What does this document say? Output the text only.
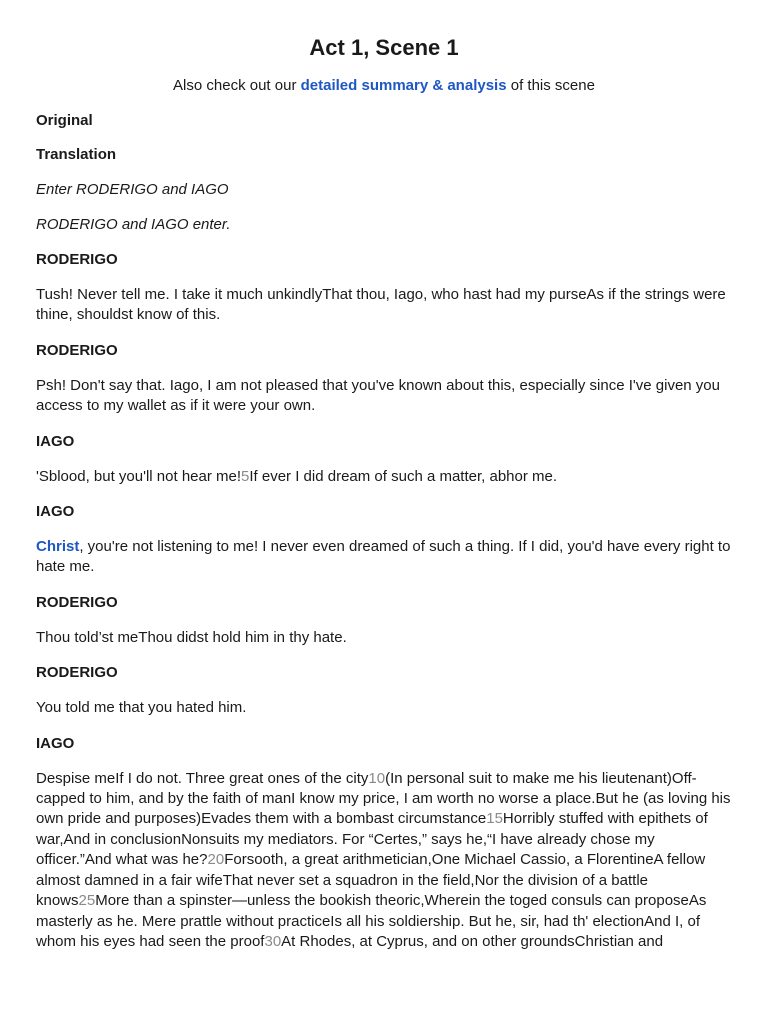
Act 1, Scene 1
Also check out our detailed summary & analysis of this scene
Original
Translation
Enter RODERIGO and IAGO
RODERIGO and IAGO enter.
RODERIGO
Tush! Never tell me. I take it much unkindlyThat thou, Iago, who hast had my purseAs if the strings were thine, shouldst know of this.
RODERIGO
Psh! Don't say that. Iago, I am not pleased that you've known about this, especially since I've given you access to my wallet as if it were your own.
IAGO
'Sblood, but you'll not hear me!5If ever I did dream of such a matter, abhor me.
IAGO
Christ, you're not listening to me! I never even dreamed of such a thing. If I did, you'd have every right to hate me.
RODERIGO
Thou told’st meThou didst hold him in thy hate.
RODERIGO
You told me that you hated him.
IAGO
Despise meIf I do not. Three great ones of the city10(In personal suit to make me his lieutenant)Off-capped to him, and by the faith of manI know my price, I am worth no worse a place.But he (as loving his own pride and purposes)Evades them with a bombast circumstance15Horribly stuffed with epithets of war,And in conclusionNonsuits my mediators. For “Certes,” says he,“I have already chose my officer.”And what was he?20Forsooth, a great arithmetician,One Michael Cassio, a FlorentineA fellow almost damned in a fair wifeThat never set a squadron in the field,Nor the division of a battle knows25More than a spinster—unless the bookish theoric,Wherein the toged consuls can proposeAs masterly as he. Mere prattle without practiceIs all his soldiership. But he, sir, had th' electionAnd I, of whom his eyes had seen the proof30At Rhodes, at Cyprus, and on other groundsChristian and
